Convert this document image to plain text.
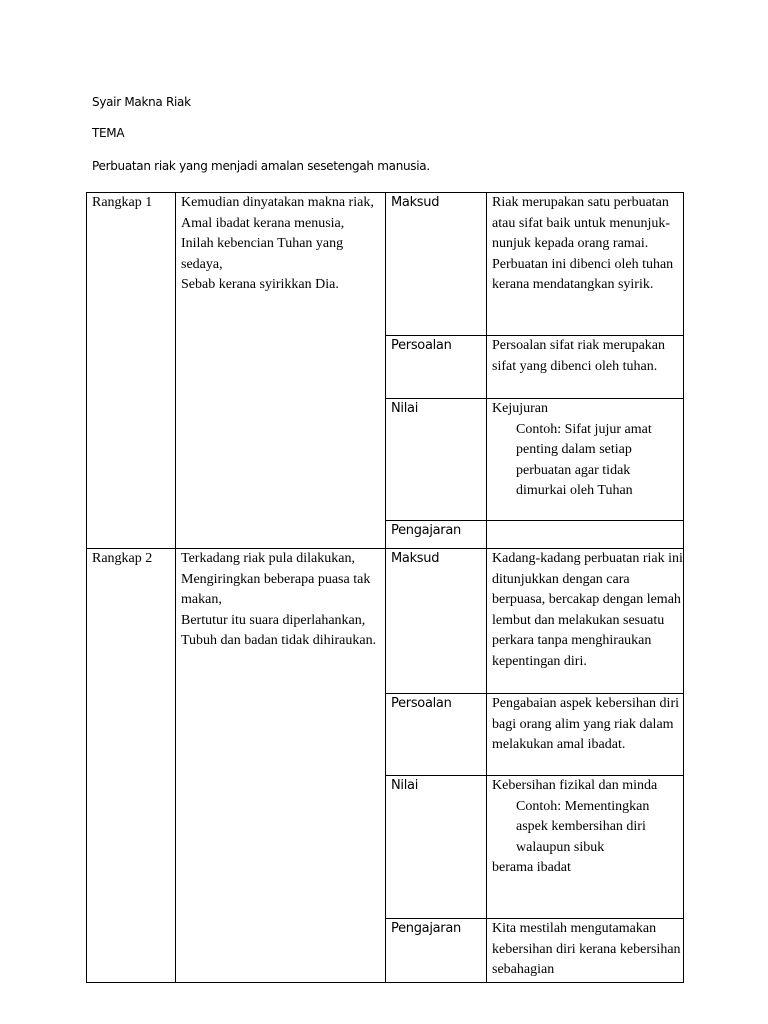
Syair Makna Riak
TEMA
Perbuatan riak yang menjadi amalan sesetengah manusia.
Rangkap 1	Kemudian dinyatakan makna riak,
Amal ibadat kerana menusia,
Inilah kebencian Tuhan yang sedaya,
Sebab kerana syirikkan Dia.	Maksud	Riak merupakan satu perbuatan atau sifat baik untuk menunjuk-nunjuk kepada orang ramai. Perbuatan ini dibenci oleh tuhan kerana mendatangkan syirik.

		Persoalan	Persoalan sifat riak merupakan sifat yang dibenci oleh tuhan.

		Nilai	Kejujuran
Contoh: Sifat jujur amat penting dalam setiap perbuatan agar tidak dimurkai oleh Tuhan

		Pengajaran	

Rangkap 2	Terkadang riak pula dilakukan,
Mengiringkan beberapa puasa tak makan,
Bertutur itu suara diperlahankan,
Tubuh dan badan tidak dihiraukan.	Maksud	Kadang-kadang perbuatan riak ini ditunjukkan dengan cara berpuasa, bercakap dengan lemah lembut dan melakukan sesuatu perkara tanpa menghiraukan kepentingan diri.

		Persoalan	Pengabaian aspek kebersihan diri bagi orang alim yang riak dalam melakukan amal ibadat.

		Nilai	Kebersihan fizikal dan minda
Contoh: Mementingkan aspek kembersihan diri walaupun sibuk
berama ibadat

		Pengajaran	Kita mestilah mengutamakan kebersihan diri kerana kebersihan sebahagian
